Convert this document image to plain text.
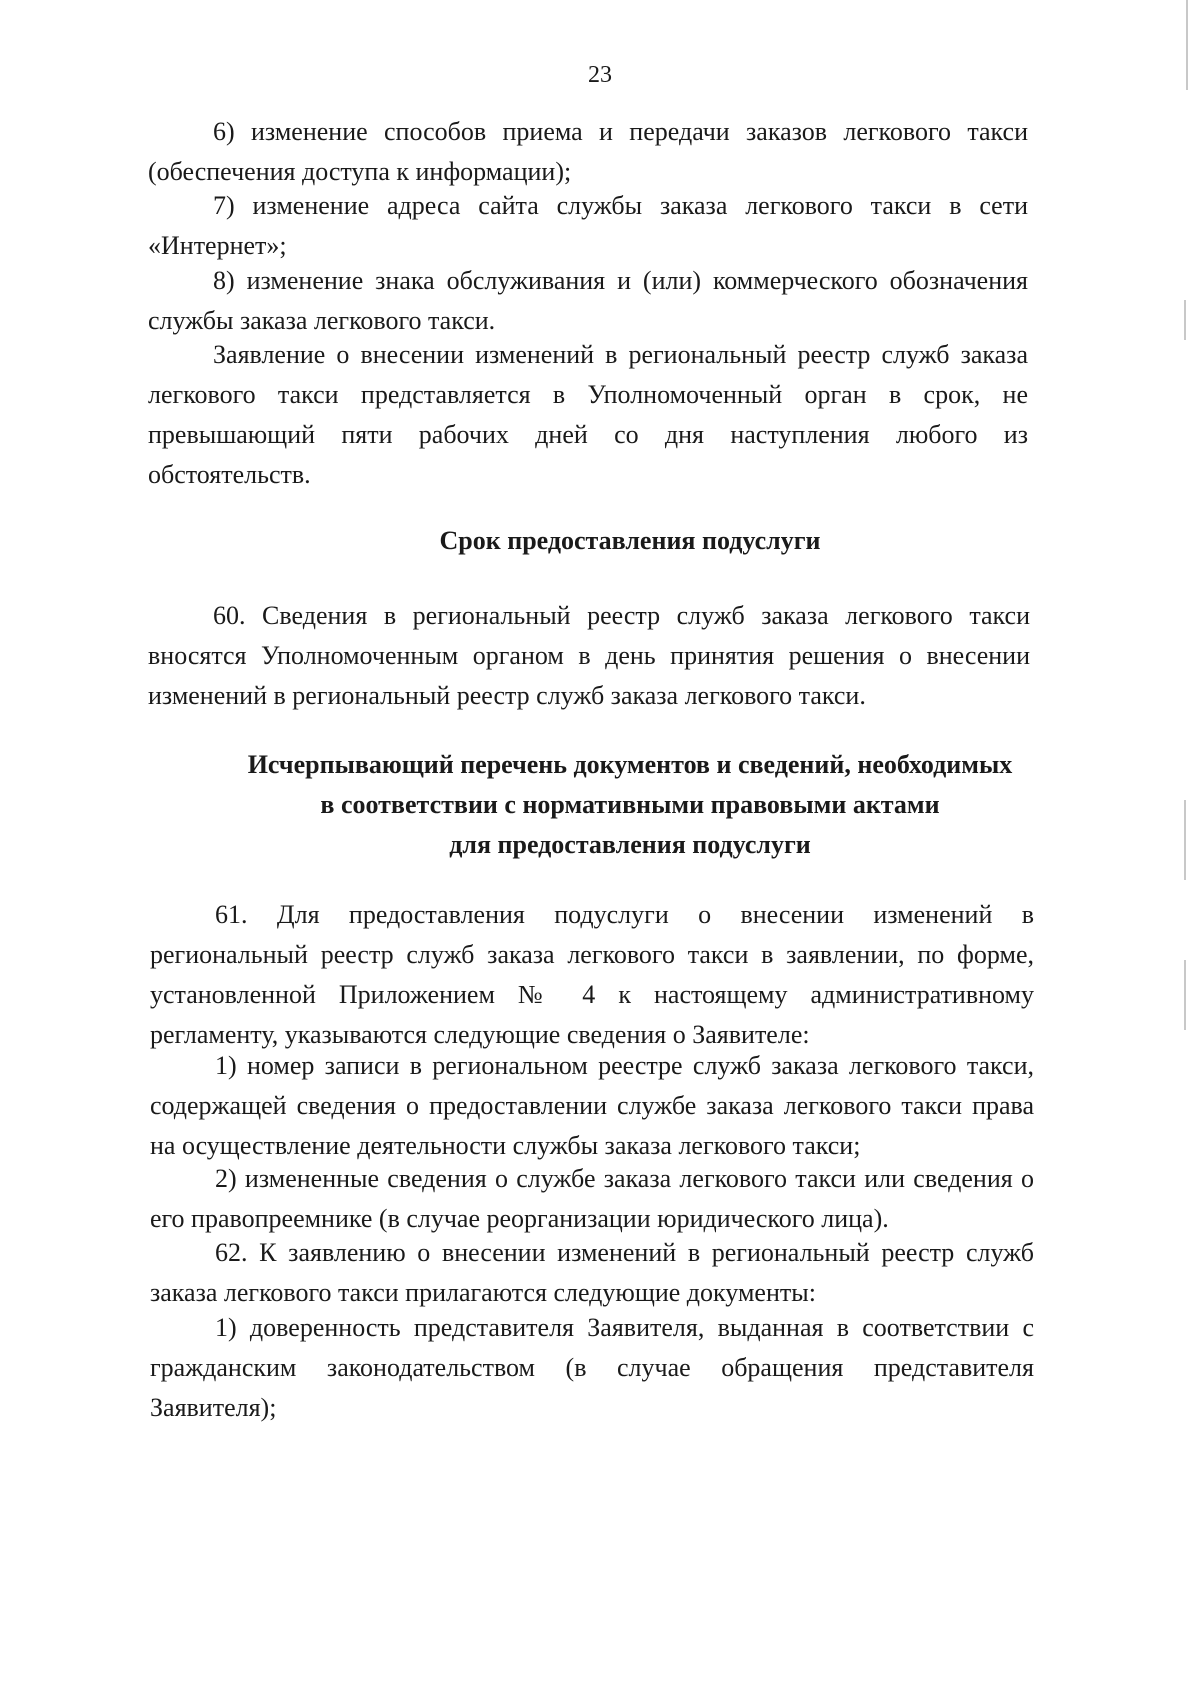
23

6) изменение способов приема и передачи заказов легкового такси (обеспечения доступа к информации);

7) изменение адреса сайта службы заказа легкового такси в сети «Интернет»;

8) изменение знака обслуживания и (или) коммерческого обозначения службы заказа легкового такси.

Заявление о внесении изменений в региональный реестр служб заказа легкового такси представляется в Уполномоченный орган в срок, не превышающий пяти рабочих дней со дня наступления любого из обстоятельств.

Срок предоставления подуслуги

60. Сведения в региональный реестр служб заказа легкового такси вносятся Уполномоченным органом в день принятия решения о внесении изменений в региональный реестр служб заказа легкового такси.

Исчерпывающий перечень документов и сведений, необходимых
в соответствии с нормативными правовыми актами
для предоставления подуслуги

61. Для предоставления подуслуги о внесении изменений в региональный реестр служб заказа легкового такси в заявлении, по форме, установленной Приложением № 4 к настоящему административному регламенту, указываются следующие сведения о Заявителе:

1) номер записи в региональном реестре служб заказа легкового такси, содержащей сведения о предоставлении службе заказа легкового такси права на осуществление деятельности службы заказа легкового такси;

2) измененные сведения о службе заказа легкового такси или сведения о его правопреемнике (в случае реорганизации юридического лица).

62. К заявлению о внесении изменений в региональный реестр служб заказа легкового такси прилагаются следующие документы:

1) доверенность представителя Заявителя, выданная в соответствии с гражданским законодательством (в случае обращения представителя Заявителя);
